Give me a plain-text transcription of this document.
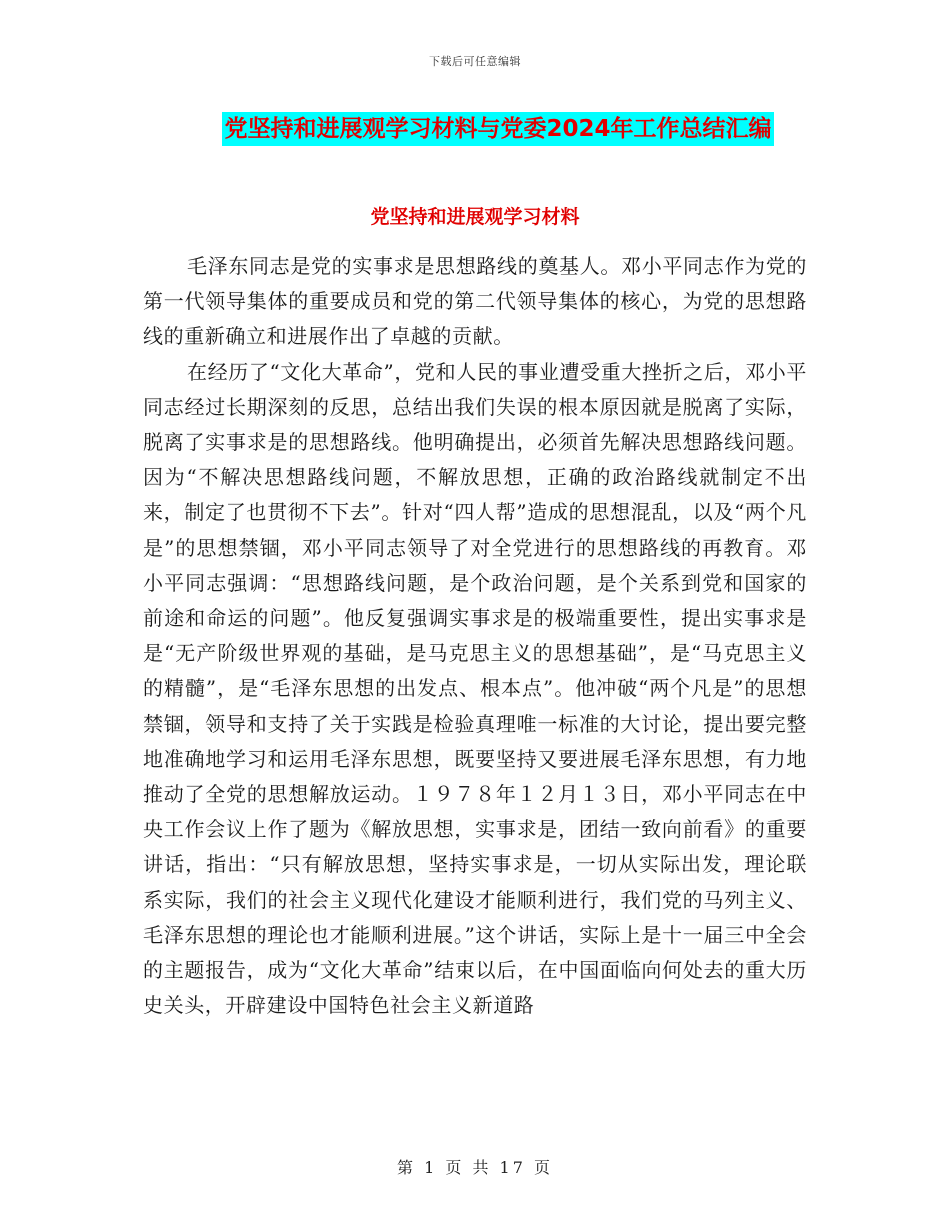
下载后可任意编辑
党坚持和进展观学习材料与党委2024年工作总结汇编
党坚持和进展观学习材料

毛泽东同志是党的实事求是思想路线的奠基人。邓小平同志作为党的第一代领导集体的重要成员和党的第二代领导集体的核心，为党的思想路线的重新确立和进展作出了卓越的贡献。

在经历了“文化大革命”，党和人民的事业遭受重大挫折之后，邓小平同志经过长期深刻的反思，总结出我们失误的根本原因就是脱离了实际，脱离了实事求是的思想路线。他明确提出，必须首先解决思想路线问题。因为“不解决思想路线问题，不解放思想，正确的政治路线就制定不出来，制定了也贯彻不下去”。针对“四人帮”造成的思想混乱，以及“两个凡是”的思想禁锢，邓小平同志领导了对全党进行的思想路线的再教育。邓小平同志强调：“思想路线问题，是个政治问题，是个关系到党和国家的前途和命运的问题”。他反复强调实事求是的极端重要性，提出实事求是是“无产阶级世界观的基础，是马克思主义的思想基础”，是“马克思主义的精髓”，是“毛泽东思想的出发点、根本点”。他冲破“两个凡是”的思想禁锢，领导和支持了关于实践是检验真理唯一标准的大讨论，提出要完整地准确地学习和运用毛泽东思想，既要坚持又要进展毛泽东思想，有力地推动了全党的思想解放运动。１９７８年１２月１３日，邓小平同志在中央工作会议上作了题为《解放思想，实事求是，团结一致向前看》的重要讲话，指出：“只有解放思想，坚持实事求是，一切从实际出发，理论联系实际，我们的社会主义现代化建设才能顺利进行，我们党的马列主义、毛泽东思想的理论也才能顺利进展。”这个讲话，实际上是十一届三中全会的主题报告，成为“文化大革命”结束以后，在中国面临向何处去的重大历史关头，开辟建设中国特色社会主义新道路

第 1 页 共 17 页
